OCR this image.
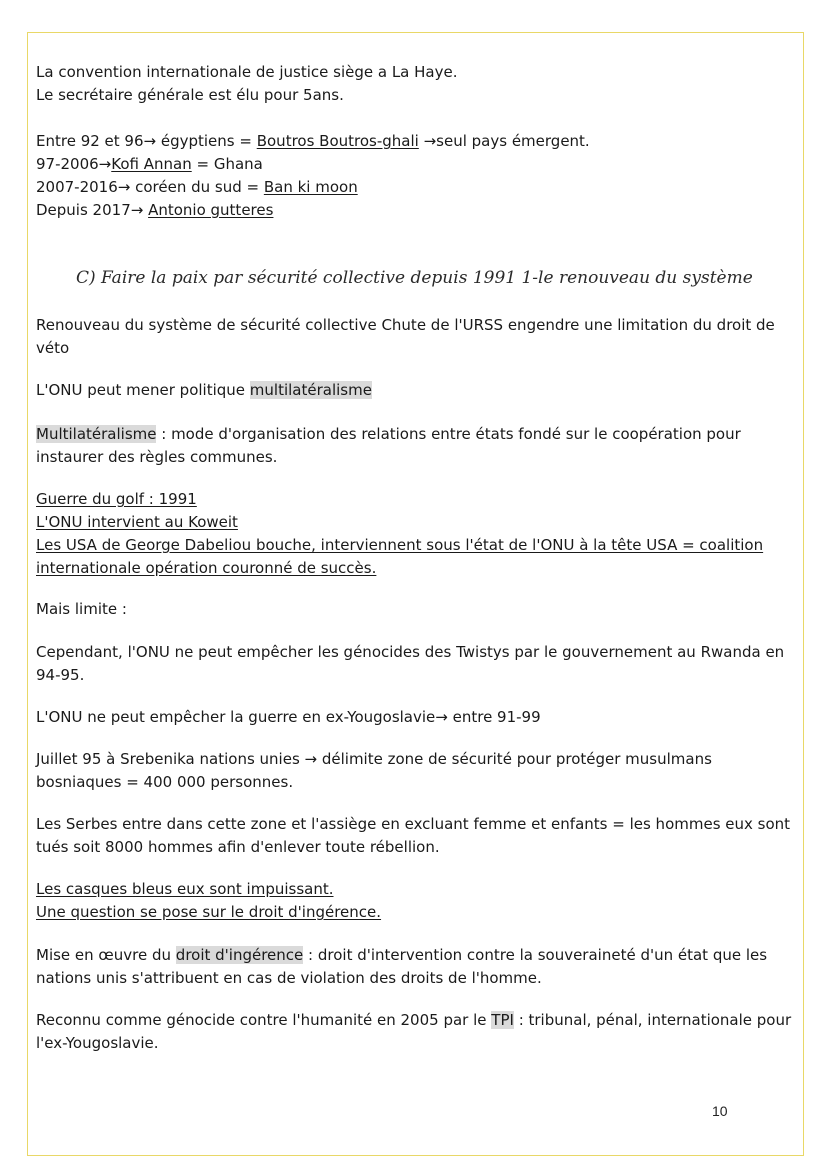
La convention internationale de justice siège a La Haye.

Le secrétaire générale est élu pour 5ans.

Entre 92 et 96→ égyptiens = Boutros Boutros-ghali →seul pays émergent.

97-2006→Kofi Annan = Ghana

2007-2016→ coréen du sud = Ban ki moon

Depuis 2017→ Antonio gutteres

C) Faire la paix par sécurité collective depuis 1991 1-le renouveau du système

Renouveau du système de sécurité collective Chute de l'URSS engendre une limitation du droit de véto

L'ONU peut mener politique multilatéralisme

Multilatéralisme : mode d'organisation des relations entre états fondé sur le coopération pour instaurer des règles communes.

Guerre du golf : 1991

L'ONU intervient au Koweit

Les USA de George Dabeliou bouche, interviennent sous l'état de l'ONU à la tête USA = coalition internationale opération couronné de succès.

Mais limite :

Cependant, l'ONU ne peut empêcher les génocides des Twistys par le gouvernement au Rwanda en 94-95.

L'ONU ne peut empêcher la guerre en ex-Yougoslavie→ entre 91-99

Juillet 95 à Srebenika nations unies → délimite zone de sécurité pour protéger musulmans bosniaques = 400 000 personnes.

Les Serbes entre dans cette zone et l'assiège en excluant femme et enfants = les hommes eux sont tués soit 8000 hommes afin d'enlever toute rébellion.

Les casques bleus eux sont impuissant.

Une question se pose sur le droit d'ingérence.

Mise en œuvre du droit d'ingérence : droit d'intervention contre la souveraineté d'un état que les nations unis s'attribuent en cas de violation des droits de l'homme.

Reconnu comme génocide contre l'humanité en 2005 par le TPI : tribunal, pénal, internationale pour l'ex-Yougoslavie.

10
